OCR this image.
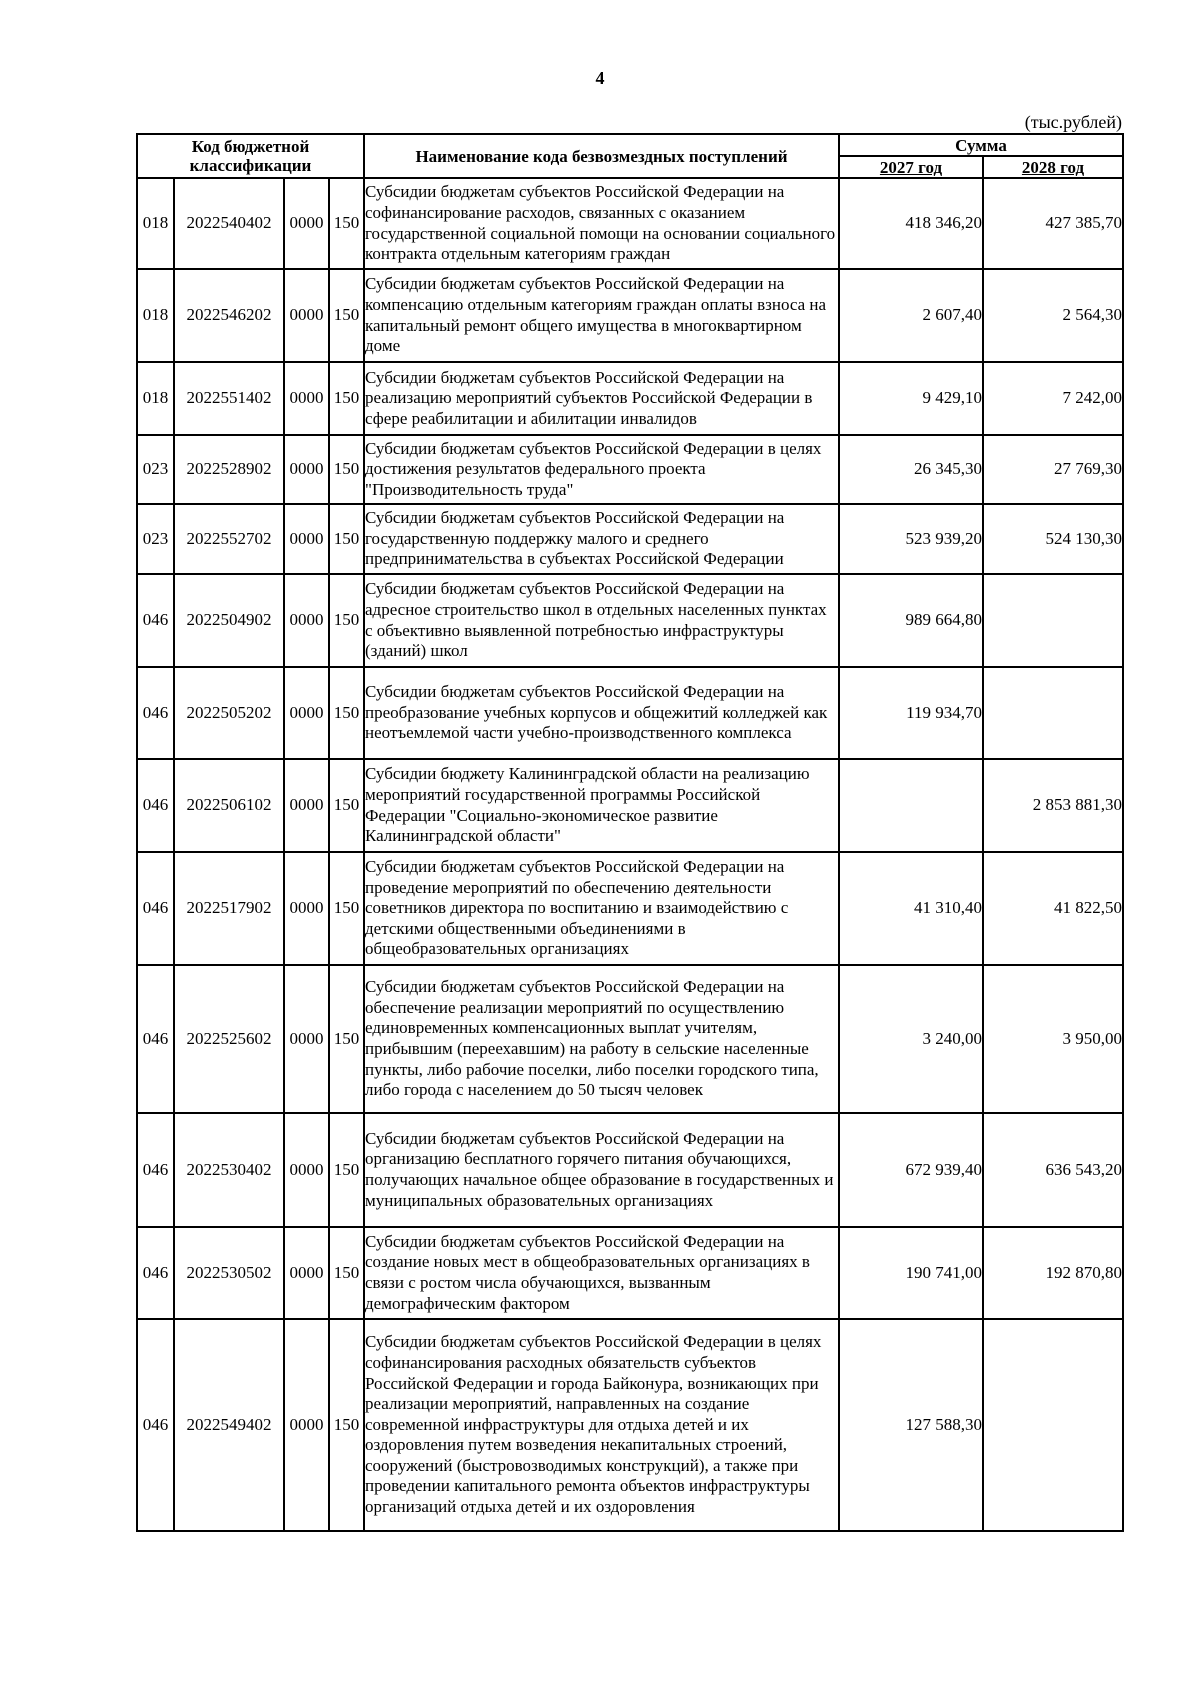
4
(тыс.рублей)
Код бюджетной классификации				Наименование кода безвозмездных поступлений	Сумма	
					2027 год	2028 год
018	2022540402	0000	150	Субсидии бюджетам субъектов Российской Федерации на софинансирование расходов, связанных с оказанием государственной социальной помощи на основании социального контракта отдельным категориям граждан	418 346,20	427 385,70
018	2022546202	0000	150	Субсидии бюджетам субъектов Российской Федерации на компенсацию отдельным категориям граждан оплаты взноса на капитальный ремонт общего имущества в многоквартирном доме	2 607,40	2 564,30
018	2022551402	0000	150	Субсидии бюджетам субъектов Российской Федерации на реализацию мероприятий субъектов Российской Федерации в сфере реабилитации и абилитации инвалидов	9 429,10	7 242,00
023	2022528902	0000	150	Субсидии бюджетам субъектов Российской Федерации в целях достижения результатов федерального проекта "Производительность труда"	26 345,30	27 769,30
023	2022552702	0000	150	Субсидии бюджетам субъектов Российской Федерации на государственную поддержку малого и среднего предпринимательства в субъектах Российской Федерации	523 939,20	524 130,30
046	2022504902	0000	150	Субсидии бюджетам субъектов Российской Федерации на адресное строительство школ в отдельных населенных пунктах с объективно выявленной потребностью инфраструктуры (зданий) школ	989 664,80	
046	2022505202	0000	150	Субсидии бюджетам субъектов Российской Федерации на преобразование учебных корпусов и общежитий колледжей как неотъемлемой части учебно-производственного комплекса	119 934,70	
046	2022506102	0000	150	Субсидии бюджету Калининградской области на реализацию мероприятий государственной программы Российской Федерации "Социально-экономическое развитие Калининградской области"		2 853 881,30
046	2022517902	0000	150	Субсидии бюджетам субъектов Российской Федерации на проведение мероприятий по обеспечению деятельности советников директора по воспитанию и взаимодействию с детскими общественными объединениями в общеобразовательных организациях	41 310,40	41 822,50
046	2022525602	0000	150	Субсидии бюджетам субъектов Российской Федерации на обеспечение реализации мероприятий по осуществлению единовременных компенсационных выплат учителям, прибывшим (переехавшим) на работу в сельские населенные пункты, либо рабочие поселки, либо поселки городского типа, либо города с населением до 50 тысяч человек	3 240,00	3 950,00
046	2022530402	0000	150	Субсидии бюджетам субъектов Российской Федерации на организацию бесплатного горячего питания обучающихся, получающих начальное общее образование в государственных и муниципальных образовательных организациях	672 939,40	636 543,20
046	2022530502	0000	150	Субсидии бюджетам субъектов Российской Федерации на создание новых мест в общеобразовательных организациях в связи с ростом числа обучающихся, вызванным демографическим фактором	190 741,00	192 870,80
046	2022549402	0000	150	Субсидии бюджетам субъектов Российской Федерации в целях софинансирования расходных обязательств субъектов Российской Федерации и города Байконура, возникающих при реализации мероприятий, направленных на создание современной инфраструктуры для отдыха детей и их оздоровления путем возведения некапитальных строений, сооружений (быстровозводимых конструкций), а также при проведении капитального ремонта объектов инфраструктуры организаций отдыха детей и их оздоровления	127 588,30	
